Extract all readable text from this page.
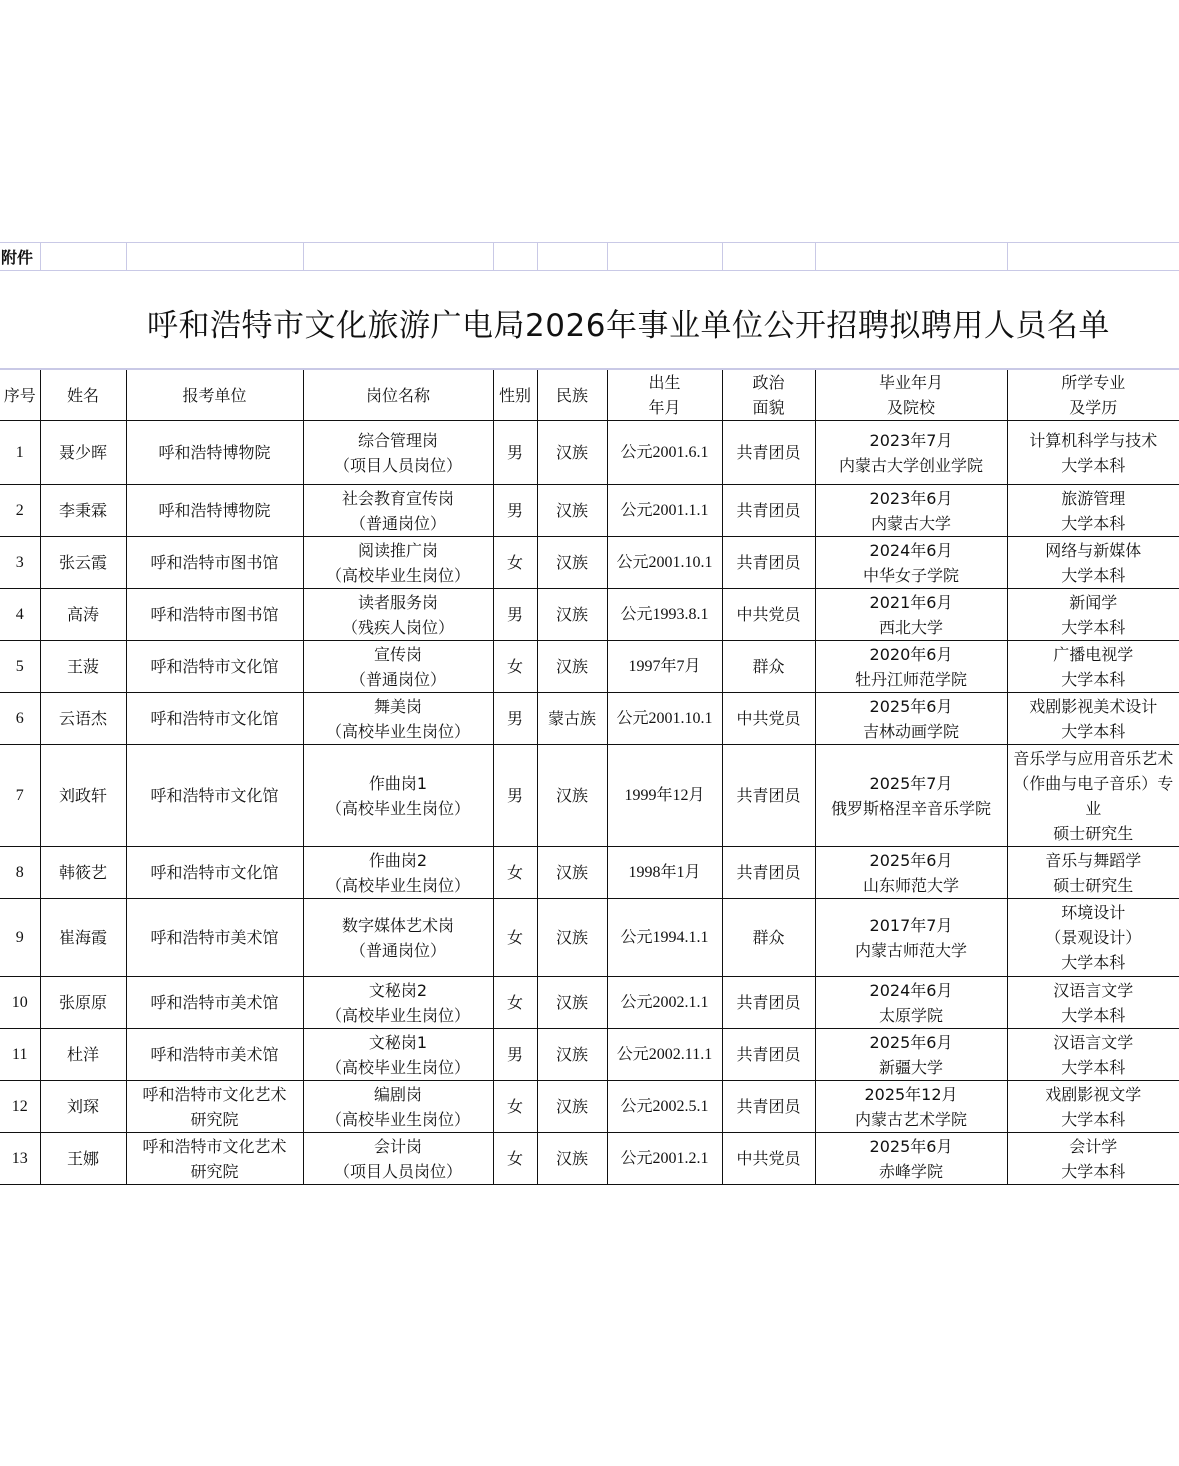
附件									
呼和浩特市文化旅游广电局2026年事业单位公开招聘拟聘用人员名单
序号	姓名	报考单位	岗位名称	性别	民族	出生
年月	政治
面貌	毕业年月
及院校	所学专业
及学历

1	聂少晖	呼和浩特博物院	综合管理岗
（项目人员岗位）	男	汉族	公元2001.6.1	共青团员	2023年7月
内蒙古大学创业学院	计算机科学与技术
大学本科

2	李秉霖	呼和浩特博物院	社会教育宣传岗
（普通岗位）	男	汉族	公元2001.1.1	共青团员	2023年6月
内蒙古大学	旅游管理
大学本科

3	张云霞	呼和浩特市图书馆	阅读推广岗
（高校毕业生岗位）	女	汉族	公元2001.10.1	共青团员	2024年6月
中华女子学院	网络与新媒体
大学本科

4	高涛	呼和浩特市图书馆	读者服务岗
（残疾人岗位）	男	汉族	公元1993.8.1	中共党员	2021年6月
西北大学	新闻学
大学本科

5	王菠	呼和浩特市文化馆	宣传岗
（普通岗位）	女	汉族	1997年7月	群众	2020年6月
牡丹江师范学院	广播电视学
大学本科

6	云语杰	呼和浩特市文化馆	舞美岗
（高校毕业生岗位）	男	蒙古族	公元2001.10.1	中共党员	2025年6月
吉林动画学院	戏剧影视美术设计
大学本科

7	刘政轩	呼和浩特市文化馆	作曲岗1
（高校毕业生岗位）	男	汉族	1999年12月	共青团员	2025年7月
俄罗斯格涅辛音乐学院	音乐学与应用音乐艺术
（作曲与电子音乐）专
业
硕士研究生

8	韩筱艺	呼和浩特市文化馆	作曲岗2
（高校毕业生岗位）	女	汉族	1998年1月	共青团员	2025年6月
山东师范大学	音乐与舞蹈学
硕士研究生

9	崔海霞	呼和浩特市美术馆	数字媒体艺术岗
（普通岗位）	女	汉族	公元1994.1.1	群众	2017年7月
内蒙古师范大学	环境设计
（景观设计）
大学本科

10	张原原	呼和浩特市美术馆	文秘岗2
（高校毕业生岗位）	女	汉族	公元2002.1.1	共青团员	2024年6月
太原学院	汉语言文学
大学本科

11	杜洋	呼和浩特市美术馆	文秘岗1
（高校毕业生岗位）	男	汉族	公元2002.11.1	共青团员	2025年6月
新疆大学	汉语言文学
大学本科

12	刘琛	呼和浩特市文化艺术
研究院	编剧岗
（高校毕业生岗位）	女	汉族	公元2002.5.1	共青团员	2025年12月
内蒙古艺术学院	戏剧影视文学
大学本科

13	王娜	呼和浩特市文化艺术
研究院	会计岗
（项目人员岗位）	女	汉族	公元2001.2.1	中共党员	2025年6月
赤峰学院	会计学
大学本科
